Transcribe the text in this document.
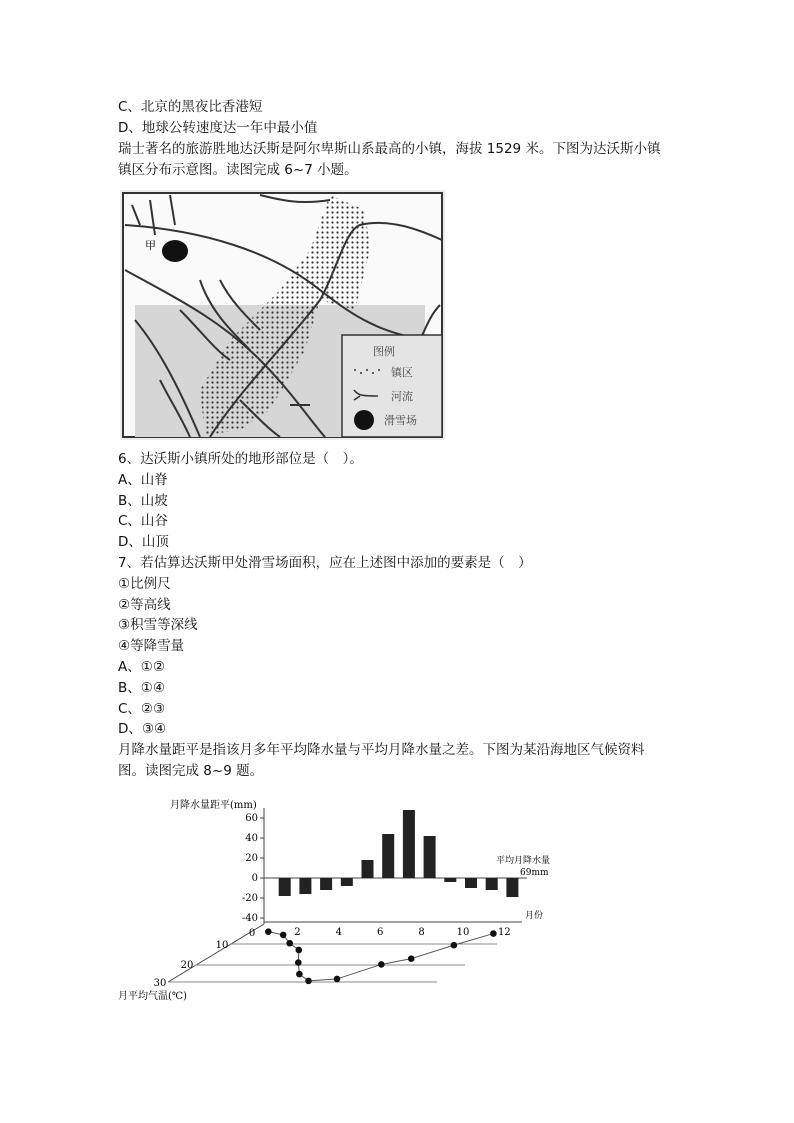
C、北京的黑夜比香港短
D、地球公转速度达一年中最小值
瑞士著名的旅游胜地达沃斯是阿尔卑斯山系最高的小镇，海拔 1529 米。下图为达沃斯小镇
镇区分布示意图。读图完成 6~7 小题。
甲
图例
镇区
河流
滑雪场
6、达沃斯小镇所处的地形部位是（　）。
A、山脊
B、山坡
C、山谷
D、山顶
7、若估算达沃斯甲处滑雪场面积，应在上述图中添加的要素是（　）
①比例尺
②等高线
③积雪等深线
④等降雪量
A、①②
B、①④
C、②③
D、③④
月降水量距平是指该月多年平均降水量与平均月降水量之差。下图为某沿海地区气候资料
图。读图完成 8~9 题。
60
40
20
0
-20
-40
2	4	6	8	10	12
0
10
20
30
月降水量距平(mm)
平均月降水量
69mm
月份
月平均气温(℃)
